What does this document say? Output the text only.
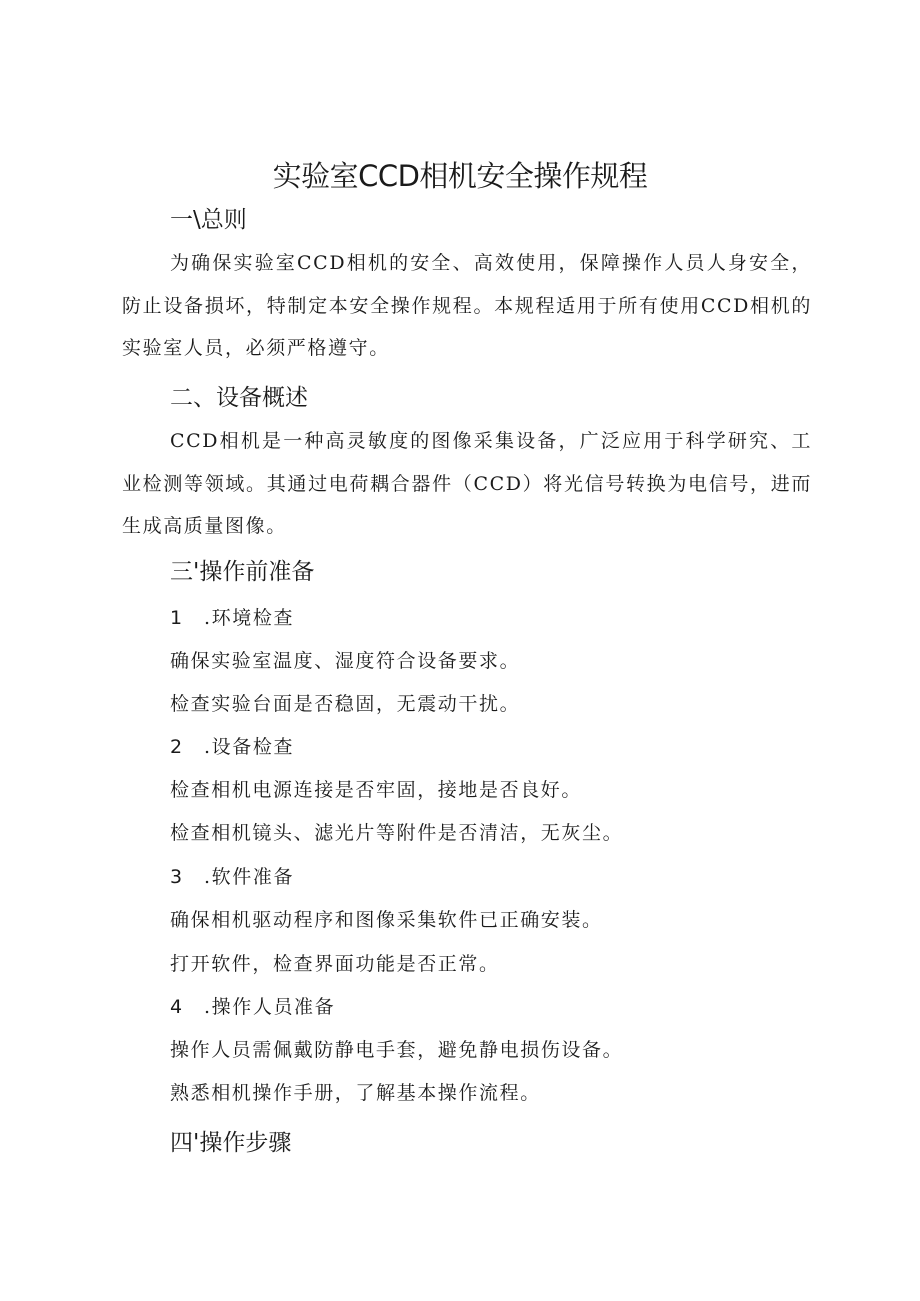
实验室CCD相机安全操作规程
一\总则

为确保实验室CCD相机的安全、高效使用，保障操作人员人身安全，防止设备损坏，特制定本安全操作规程。本规程适用于所有使用CCD相机的实验室人员，必须严格遵守。

二、设备概述

CCD相机是一种高灵敏度的图像采集设备，广泛应用于科学研究、工业检测等领域。其通过电荷耦合器件（CCD）将光信号转换为电信号，进而生成高质量图像。

三'操作前准备
1 .环境检查

确保实验室温度、湿度符合设备要求。

检查实验台面是否稳固，无震动干扰。

2 .设备检查

检查相机电源连接是否牢固，接地是否良好。

检查相机镜头、滤光片等附件是否清洁，无灰尘。

3 .软件准备

确保相机驱动程序和图像采集软件已正确安装。

打开软件，检查界面功能是否正常。

4 .操作人员准备

操作人员需佩戴防静电手套，避免静电损伤设备。

熟悉相机操作手册，了解基本操作流程。

四'操作步骤
